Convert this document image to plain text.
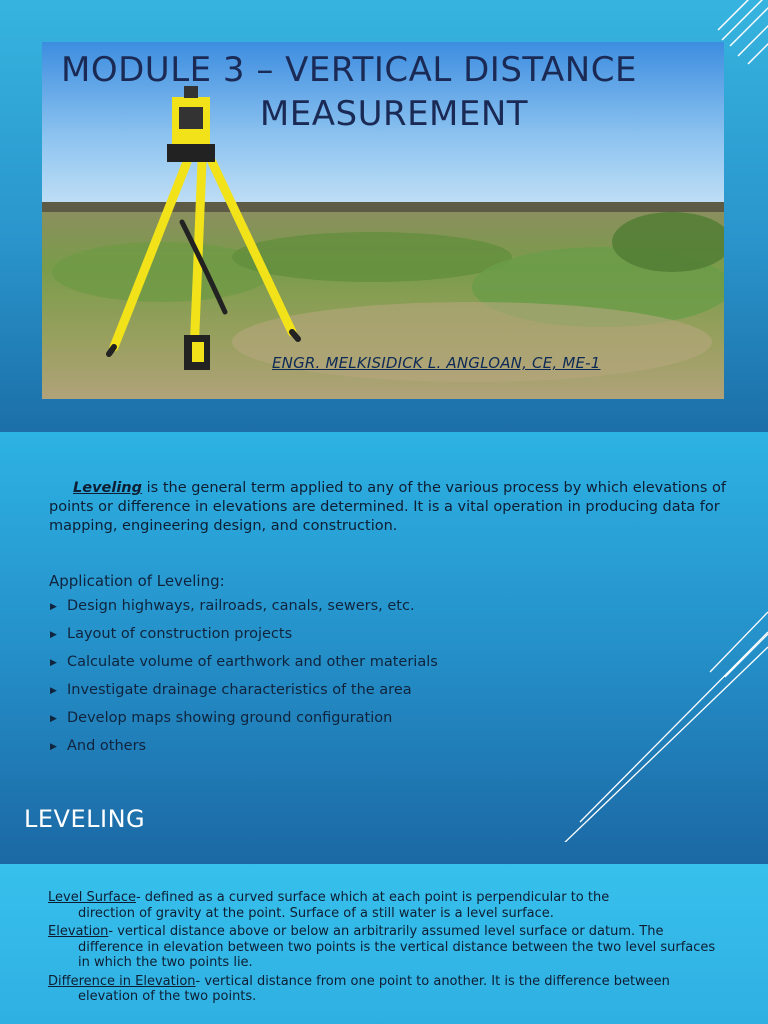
MODULE 3 – VERTICAL DISTANCE
MEASUREMENT
ENGR. MELKISIDICK L. ANGLOAN, CE, ME-1

Leveling is the general term applied to any of the various process by which elevations of points or difference in elevations are determined. It is a vital operation in producing data for mapping, engineering design, and construction.

Application of Leveling:
▶ Design highways, railroads, canals, sewers, etc.
▶ Layout of construction projects
▶ Calculate volume of earthwork and other materials
▶ Investigate drainage characteristics of the area
▶ Develop maps showing ground configuration
▶ And others
LEVELING
Level Surface- defined as a curved surface which at each point is perpendicular to the
direction of gravity at the point. Surface of a still water is a level surface.
Elevation- vertical distance above or below an arbitrarily assumed level surface or datum. The
difference in elevation between two points is the vertical distance between the two level surfaces in which the two points lie.
Difference in Elevation- vertical distance from one point to another. It is the difference between
elevation of the two points.
